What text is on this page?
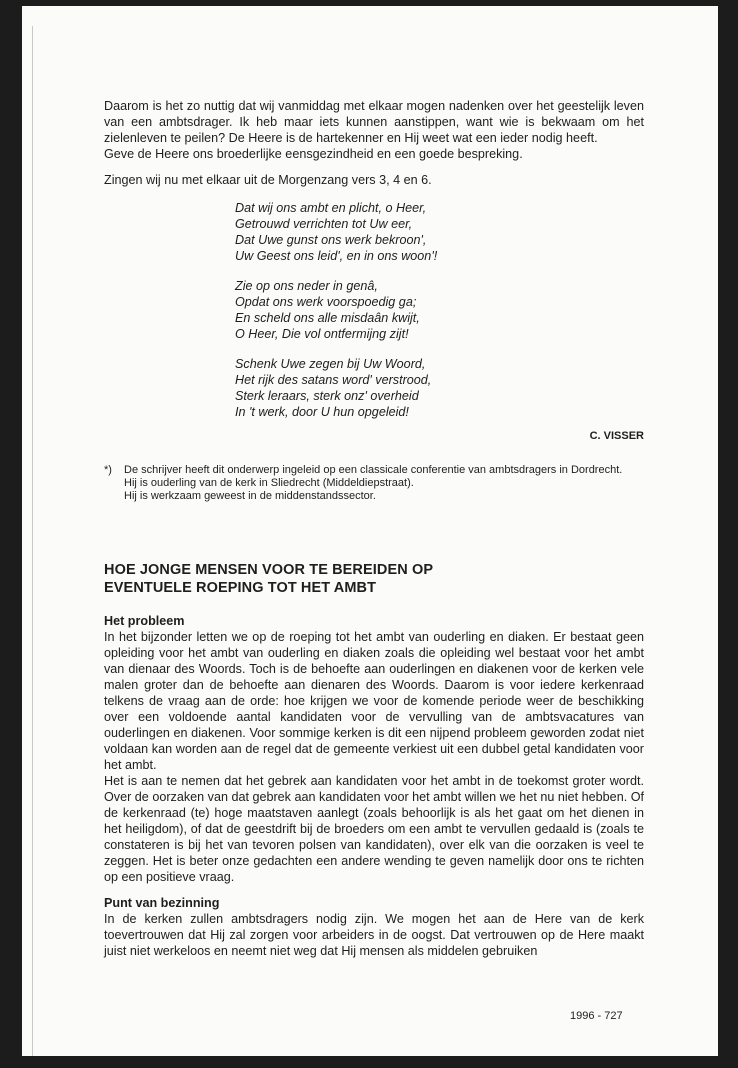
Daarom is het zo nuttig dat wij vanmiddag met elkaar mogen nadenken over het geestelijk leven van een ambtsdrager. Ik heb maar iets kunnen aanstippen, want wie is bekwaam om het zielenleven te peilen? De Heere is de hartekenner en Hij weet wat een ieder nodig heeft.

Geve de Heere ons broederlijke eensgezindheid en een goede bespreking.

Zingen wij nu met elkaar uit de Morgenzang vers 3, 4 en 6.

Dat wij ons ambt en plicht, o Heer,
Getrouwd verrichten tot Uw eer,
Dat Uwe gunst ons werk bekroon',
Uw Geest ons leid', en in ons woon'!
Zie op ons neder in genâ,
Opdat ons werk voorspoedig ga;
En scheld ons alle misdaân kwijt,
O Heer, Die vol ontfermijng zijt!
Schenk Uwe zegen bij Uw Woord,
Het rijk des satans word' verstrood,
Sterk leraars, sterk onz' overheid
In 't werk, door U hun opgeleid!
C. VISSER
*) De schrijver heeft dit onderwerp ingeleid op een classicale conferentie van ambtsdragers in Dordrecht.
Hij is ouderling van de kerk in Sliedrecht (Middeldiepstraat).
Hij is werkzaam geweest in de middenstandssector.
HOE JONGE MENSEN VOOR TE BEREIDEN OP
EVENTUELE ROEPING TOT HET AMBT
Het probleem

In het bijzonder letten we op de roeping tot het ambt van ouderling en diaken. Er bestaat geen opleiding voor het ambt van ouderling en diaken zoals die opleiding wel bestaat voor het ambt van dienaar des Woords. Toch is de behoefte aan ouderlingen en diakenen voor de kerken vele malen groter dan de behoefte aan dienaren des Woords. Daarom is voor iedere kerkenraad telkens de vraag aan de orde: hoe krijgen we voor de komende periode weer de beschikking over een voldoende aantal kandidaten voor de vervulling van de ambtsvacatures van ouderlingen en diakenen. Voor sommige kerken is dit een nijpend probleem geworden zodat niet voldaan kan worden aan de regel dat de gemeente verkiest uit een dubbel getal kandidaten voor het ambt.

Het is aan te nemen dat het gebrek aan kandidaten voor het ambt in de toekomst groter wordt. Over de oorzaken van dat gebrek aan kandidaten voor het ambt willen we het nu niet hebben. Of de kerkenraad (te) hoge maatstaven aanlegt (zoals behoorlijk is als het gaat om het dienen in het heiligdom), of dat de geestdrift bij de broeders om een ambt te vervullen gedaald is (zoals te constateren is bij het van tevoren polsen van kandidaten), over elk van die oorzaken is veel te zeggen. Het is beter onze gedachten een andere wending te geven namelijk door ons te richten op een positieve vraag.

Punt van bezinning

In de kerken zullen ambtsdragers nodig zijn. We mogen het aan de Here van de kerk toevertrouwen dat Hij zal zorgen voor arbeiders in de oogst. Dat vertrouwen op de Here maakt juist niet werkeloos en neemt niet weg dat Hij mensen als middelen gebruiken

1996 - 727
